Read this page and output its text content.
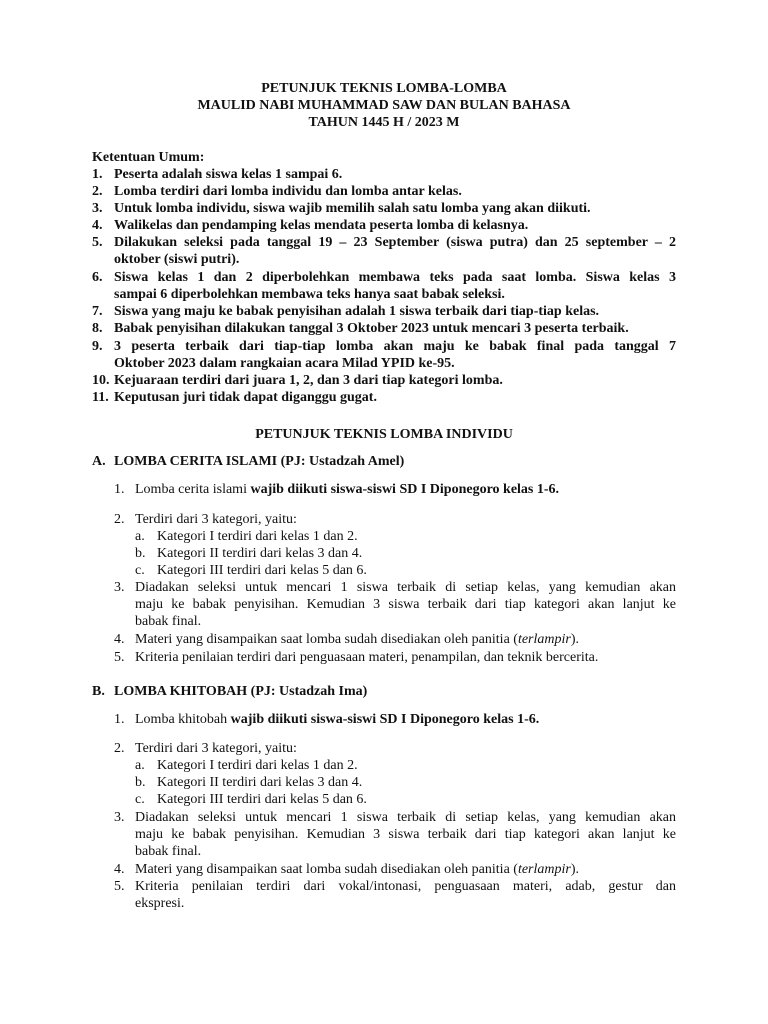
PETUNJUK TEKNIS LOMBA-LOMBA
MAULID NABI MUHAMMAD SAW DAN BULAN BAHASA
TAHUN 1445 H / 2023 M
Ketentuan Umum:
1. Peserta adalah siswa kelas 1 sampai 6.
2. Lomba terdiri dari lomba individu dan lomba antar kelas.
3. Untuk lomba individu, siswa wajib memilih salah satu lomba yang akan diikuti.
4. Walikelas dan pendamping kelas mendata peserta lomba di kelasnya.
5. Dilakukan seleksi pada tanggal 19 – 23 September (siswa putra) dan 25 september – 2
oktober (siswi putri).
6. Siswa kelas 1 dan 2 diperbolehkan membawa teks pada saat lomba. Siswa kelas 3
sampai 6 diperbolehkan membawa teks hanya saat babak seleksi.
7. Siswa yang maju ke babak penyisihan adalah 1 siswa terbaik dari tiap-tiap kelas.
8. Babak penyisihan dilakukan tanggal 3 Oktober 2023 untuk mencari 3 peserta terbaik.
9. 3 peserta terbaik dari tiap-tiap lomba akan maju ke babak final pada tanggal 7
Oktober 2023 dalam rangkaian acara Milad YPID ke-95.
10. Kejuaraan terdiri dari juara 1, 2, dan 3 dari tiap kategori lomba.
11. Keputusan juri tidak dapat diganggu gugat.
PETUNJUK TEKNIS LOMBA INDIVIDU
A. LOMBA CERITA ISLAMI (PJ: Ustadzah Amel)
1. Lomba cerita islami wajib diikuti siswa-siswi SD I Diponegoro kelas 1-6.
2. Terdiri dari 3 kategori, yaitu:
a. Kategori I terdiri dari kelas 1 dan 2.
b. Kategori II terdiri dari kelas 3 dan 4.
c. Kategori III terdiri dari kelas 5 dan 6.
3. Diadakan seleksi untuk mencari 1 siswa terbaik di setiap kelas, yang kemudian akan
maju ke babak penyisihan. Kemudian 3 siswa terbaik dari tiap kategori akan lanjut ke
babak final.
4. Materi yang disampaikan saat lomba sudah disediakan oleh panitia (terlampir).
5. Kriteria penilaian terdiri dari penguasaan materi, penampilan, dan teknik bercerita.
B. LOMBA KHITOBAH (PJ: Ustadzah Ima)
1. Lomba khitobah wajib diikuti siswa-siswi SD I Diponegoro kelas 1-6.
2. Terdiri dari 3 kategori, yaitu:
a. Kategori I terdiri dari kelas 1 dan 2.
b. Kategori II terdiri dari kelas 3 dan 4.
c. Kategori III terdiri dari kelas 5 dan 6.
3. Diadakan seleksi untuk mencari 1 siswa terbaik di setiap kelas, yang kemudian akan
maju ke babak penyisihan. Kemudian 3 siswa terbaik dari tiap kategori akan lanjut ke
babak final.
4. Materi yang disampaikan saat lomba sudah disediakan oleh panitia (terlampir).
5. Kriteria penilaian terdiri dari vokal/intonasi, penguasaan materi, adab, gestur dan
ekspresi.
